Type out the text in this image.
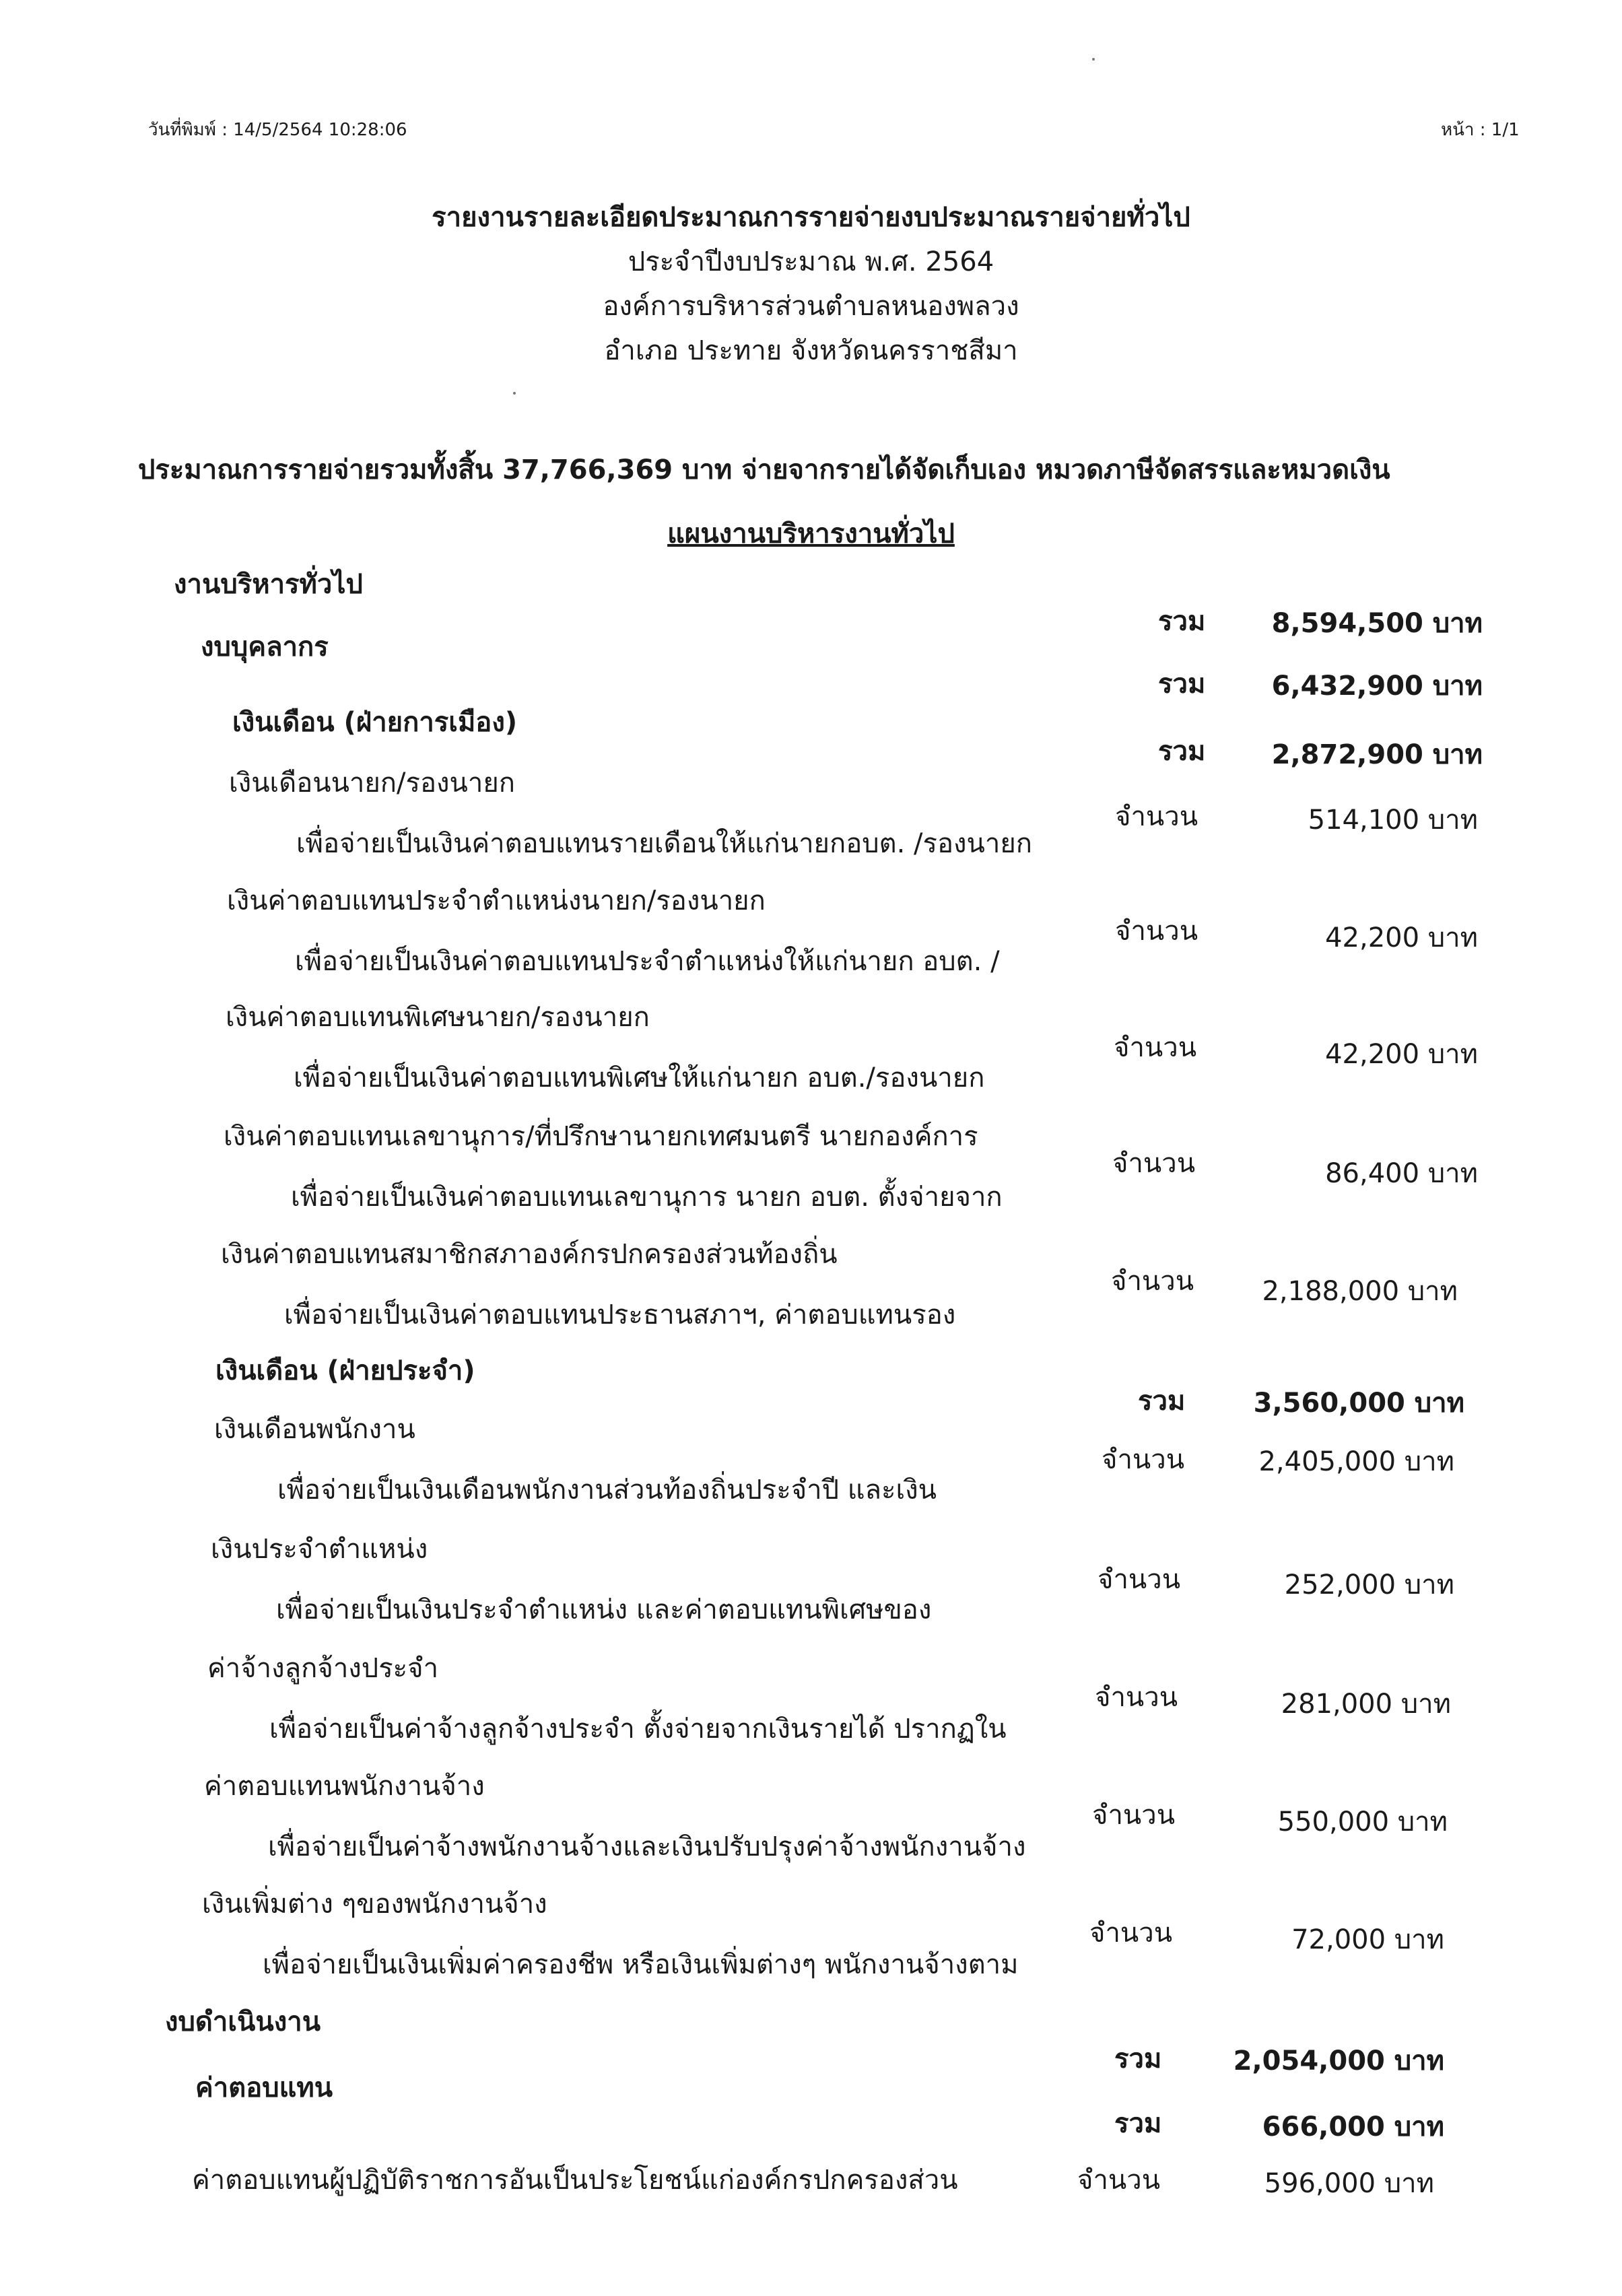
วันที่พิมพ์ : 14/5/2564 10:28:06	หน้า : 1/1
รายงานรายละเอียดประมาณการรายจ่ายงบประมาณรายจ่ายทั่วไป
ประจำปีงบประมาณ พ.ศ. 2564
องค์การบริหารส่วนตำบลหนองพลวง
อำเภอ ประทาย จังหวัดนครราชสีมา
ประมาณการรายจ่ายรวมทั้งสิ้น 37,766,369 บาท จ่ายจากรายได้จัดเก็บเอง หมวดภาษีจัดสรรและหมวดเงิน
แผนงานบริหารงานทั่วไป
งานบริหารทั่วไป
รวม	8,594,500 บาท
งบบุคลากร
รวม	6,432,900 บาท
เงินเดือน (ฝ่ายการเมือง)
รวม	2,872,900 บาท
เงินเดือนนายก/รองนายก
จำนวน	514,100 บาท
เพื่อจ่ายเป็นเงินค่าตอบแทนรายเดือนให้แก่นายกอบต. /รองนายก
เงินค่าตอบแทนประจำตำแหน่งนายก/รองนายก
จำนวน	42,200 บาท
เพื่อจ่ายเป็นเงินค่าตอบแทนประจำตำแหน่งให้แก่นายก อบต. /
เงินค่าตอบแทนพิเศษนายก/รองนายก
จำนวน	42,200 บาท
เพื่อจ่ายเป็นเงินค่าตอบแทนพิเศษให้แก่นายก อบต./รองนายก
เงินค่าตอบแทนเลขานุการ/ที่ปรึกษานายกเทศมนตรี นายกองค์การ
จำนวน	86,400 บาท
เพื่อจ่ายเป็นเงินค่าตอบแทนเลขานุการ นายก อบต. ตั้งจ่ายจาก
เงินค่าตอบแทนสมาชิกสภาองค์กรปกครองส่วนท้องถิ่น
จำนวน	2,188,000 บาท
เพื่อจ่ายเป็นเงินค่าตอบแทนประธานสภาฯ, ค่าตอบแทนรอง
เงินเดือน (ฝ่ายประจำ)
รวม	3,560,000 บาท
เงินเดือนพนักงาน
จำนวน	2,405,000 บาท
เพื่อจ่ายเป็นเงินเดือนพนักงานส่วนท้องถิ่นประจำปี และเงิน
เงินประจำตำแหน่ง
จำนวน	252,000 บาท
เพื่อจ่ายเป็นเงินประจำตำแหน่ง และค่าตอบแทนพิเศษของ
ค่าจ้างลูกจ้างประจำ
จำนวน	281,000 บาท
เพื่อจ่ายเป็นค่าจ้างลูกจ้างประจำ ตั้งจ่ายจากเงินรายได้ ปรากฏใน
ค่าตอบแทนพนักงานจ้าง
จำนวน	550,000 บาท
เพื่อจ่ายเป็นค่าจ้างพนักงานจ้างและเงินปรับปรุงค่าจ้างพนักงานจ้าง
เงินเพิ่มต่าง ๆของพนักงานจ้าง
จำนวน	72,000 บาท
เพื่อจ่ายเป็นเงินเพิ่มค่าครองชีพ หรือเงินเพิ่มต่างๆ พนักงานจ้างตาม
งบดำเนินงาน
รวม	2,054,000 บาท
ค่าตอบแทน
รวม	666,000 บาท
ค่าตอบแทนผู้ปฏิบัติราชการอันเป็นประโยชน์แก่องค์กรปกครองส่วน	จำนวน	596,000 บาท
